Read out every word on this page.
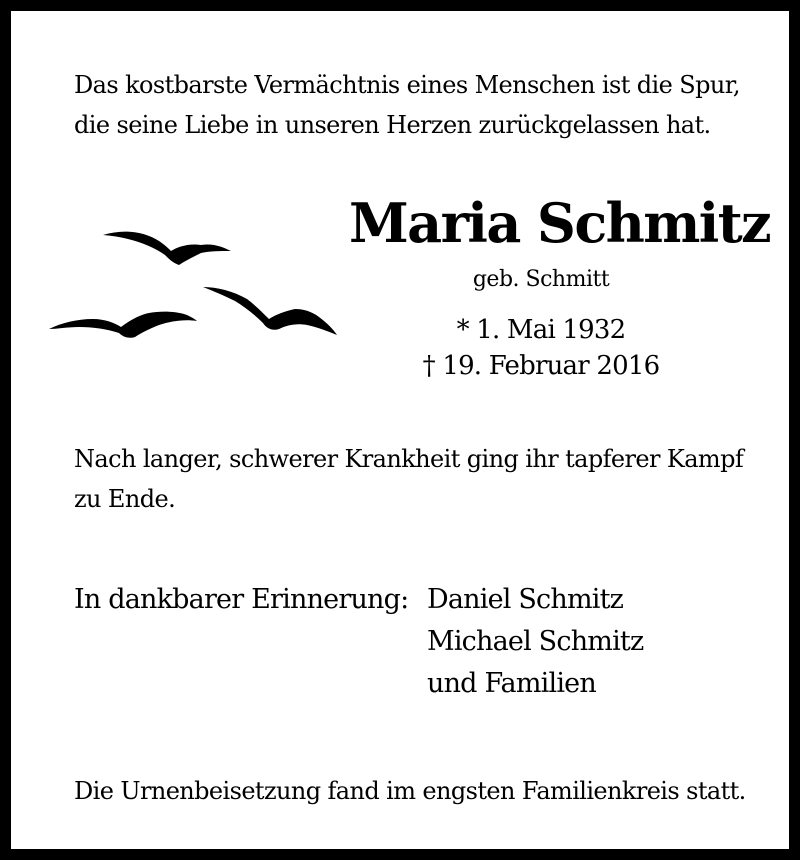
Das kostbarste Vermächtnis eines Menschen ist die Spur,
die seine Liebe in unseren Herzen zurückgelassen hat.
Maria Schmitz
geb. Schmitt
* 1. Mai 1932
† 19. Februar 2016
Nach langer, schwerer Krankheit ging ihr tapferer Kampf
zu Ende.
In dankbarer Erinnerung: Daniel Schmitz
Michael Schmitz
und Familien
Die Urnenbeisetzung fand im engsten Familienkreis statt.
